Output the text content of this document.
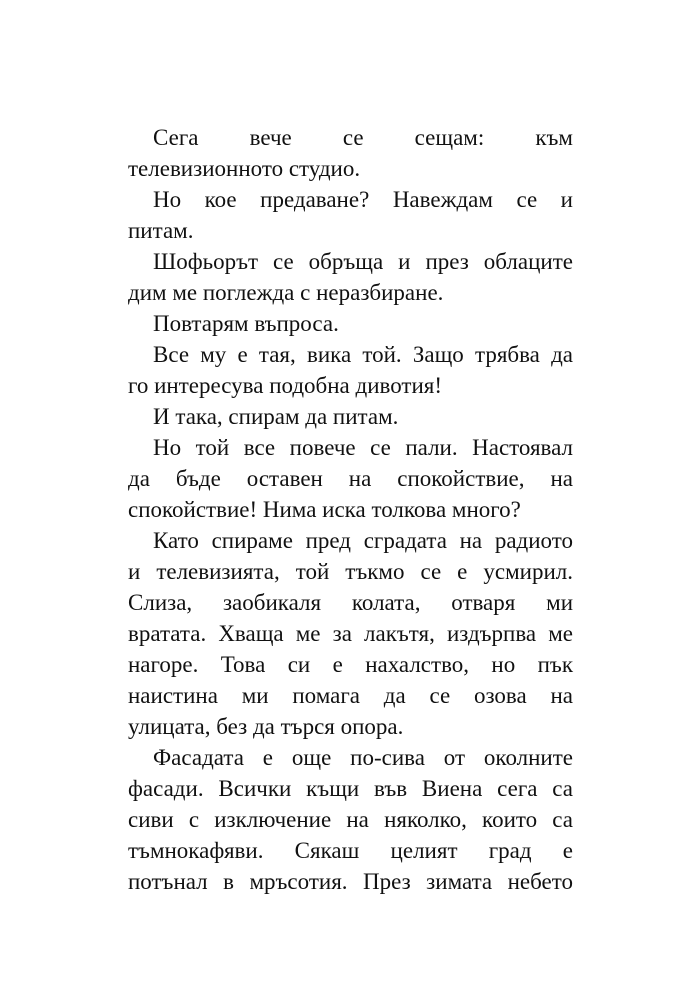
Сега вече се сещам: към
телевизионното студио.
Но кое предаване? Навеждам се и
питам.
Шофьорът се обръща и през облаците
дим ме поглежда с неразбиране.
Повтарям въпроса.
Все му е тая, вика той. Защо трябва да
го интересува подобна дивотия!
И така, спирам да питам.
Но той все повече се пали. Настоявал
да бъде оставен на спокойствие, на
спокойствие! Нима иска толкова много?
Като спираме пред сградата на радиото
и телевизията, той тъкмо се е усмирил.
Слиза, заобикаля колата, отваря ми
вратата. Хваща ме за лакътя, издърпва ме
нагоре. Това си е нахалство, но пък
наистина ми помага да се озова на
улицата, без да търся опора.
Фасадата е още по-сива от околните
фасади. Всички къщи във Виена сега са
сиви с изключение на няколко, които са
тъмнокафяви. Сякаш целият град е
потънал в мръсотия. През зимата небето
